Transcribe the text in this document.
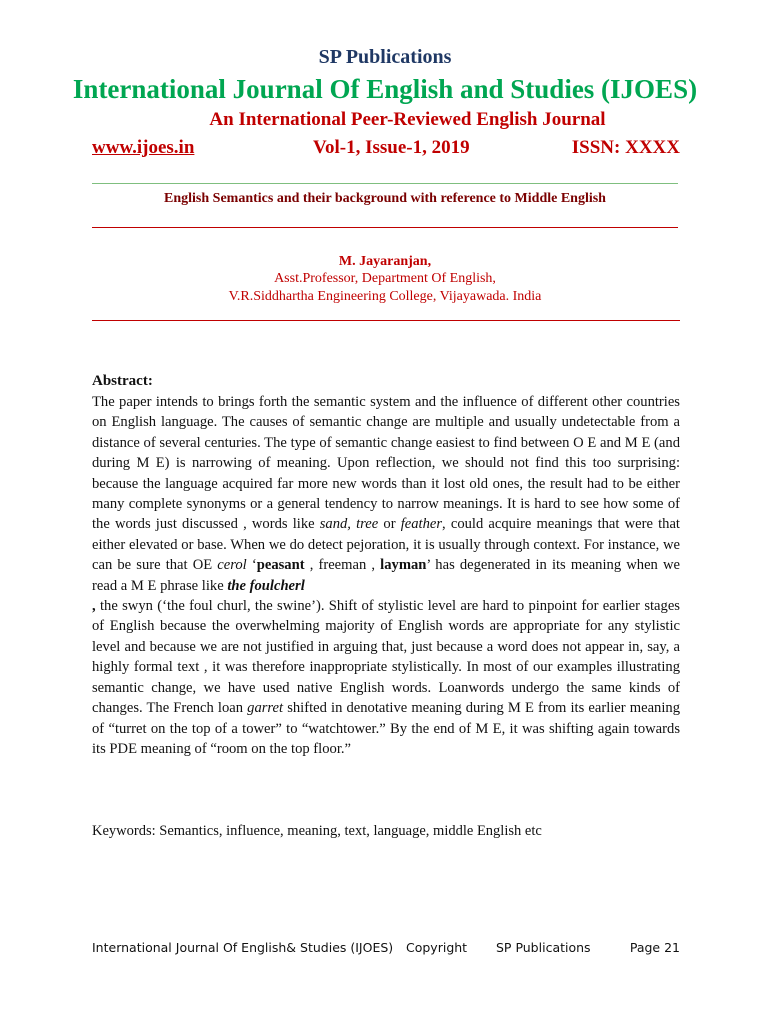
SP Publications
International Journal Of English and Studies (IJOES)
An International Peer-Reviewed English Journal
www.ijoes.in	Vol-1, Issue-1, 2019	ISSN: XXXX
English Semantics and their background with reference to Middle English
M. Jayaranjan,
Asst.Professor, Department Of English,
V.R.Siddhartha Engineering College, Vijayawada. India
Abstract:
The paper intends to brings forth the semantic system and the influence of different other countries on English language. The causes of semantic change are multiple and usually undetectable from a distance of several centuries. The type of semantic change easiest to find between O E and M E (and during M E) is narrowing of meaning. Upon reflection, we should not find this too surprising: because the language acquired far more new words than it lost old ones, the result had to be either many complete synonyms or a general tendency to narrow meanings. It is hard to see how some of the words just discussed , words like sand, tree or feather, could acquire meanings that were that either elevated or base. When we do detect pejoration, it is usually through context. For instance, we can be sure that OE cerol ‘peasant , freeman , layman’ has degenerated in its meaning when we read a M E phrase like the foulcherl
, the swyn (‘the foul churl, the swine’). Shift of stylistic level are hard to pinpoint for earlier stages of English because the overwhelming majority of English words are appropriate for any stylistic level and because we are not justified in arguing that, just because a word does not appear in, say, a highly formal text , it was therefore inappropriate stylistically. In most of our examples illustrating semantic change, we have used native English words. Loanwords undergo the same kinds of changes. The French loan garret shifted in denotative meaning during M E from its earlier meaning of “turret on the top of a tower” to “watchtower.” By the end of M E, it was shifting again towards its PDE meaning of “room on the top floor.”
Keywords: Semantics, influence, meaning, text, language, middle English etc
International Journal Of English& Studies (IJOES) Copyright SP Publications	Page 21
